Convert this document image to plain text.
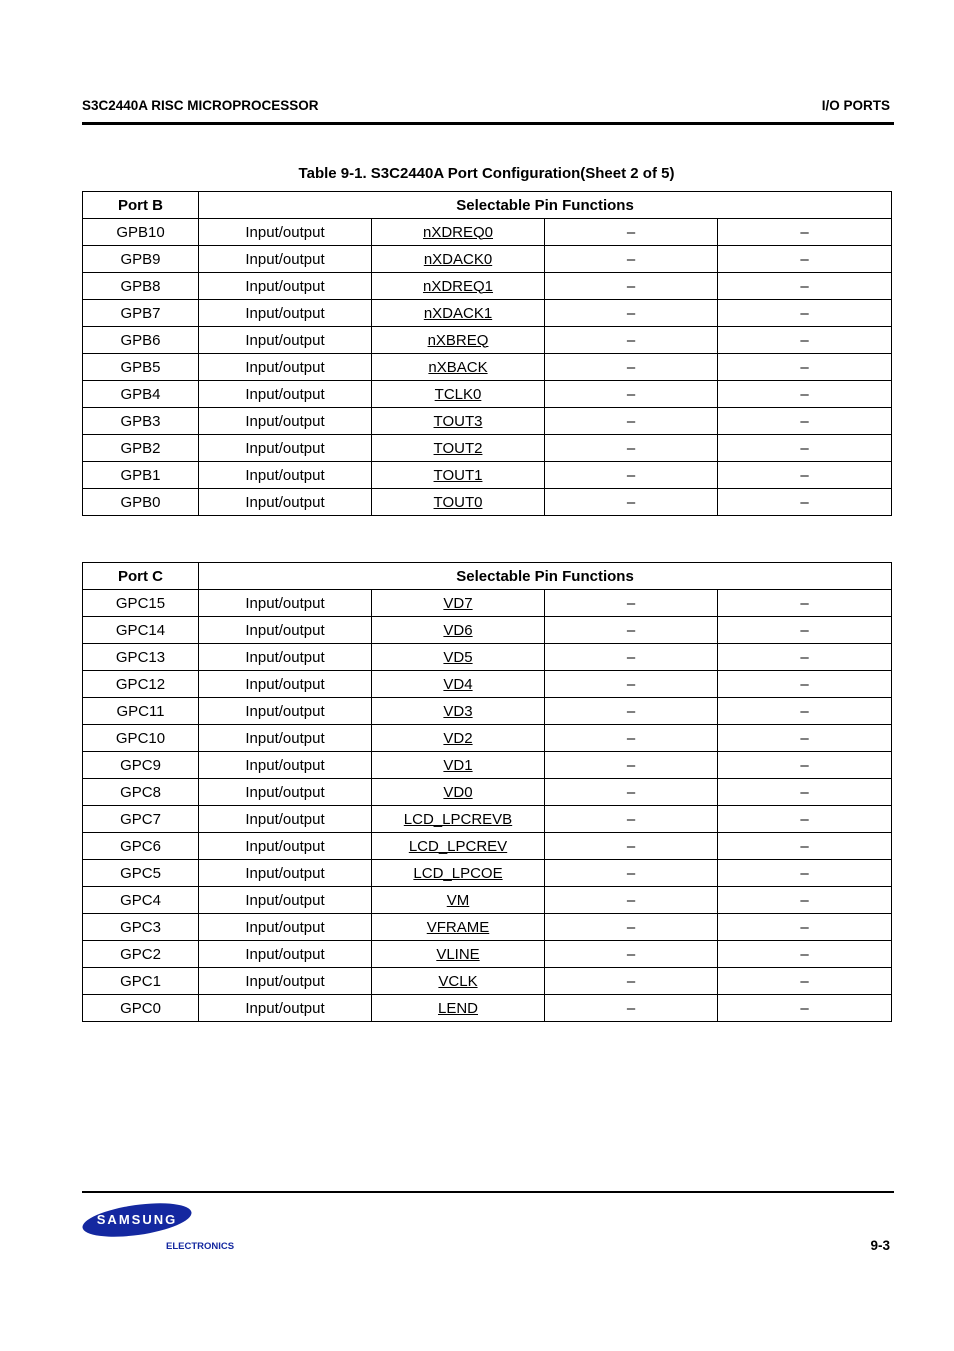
S3C2440A RISC MICROPROCESSOR	I/O PORTS
Table 9-1. S3C2440A Port Configuration(Sheet 2 of 5)
Port B	Selectable Pin Functions			
GPB10	Input/output	nXDREQ0	–	–
GPB9	Input/output	nXDACK0	–	–
GPB8	Input/output	nXDREQ1	–	–
GPB7	Input/output	nXDACK1	–	–
GPB6	Input/output	nXBREQ	–	–
GPB5	Input/output	nXBACK	–	–
GPB4	Input/output	TCLK0	–	–
GPB3	Input/output	TOUT3	–	–
GPB2	Input/output	TOUT2	–	–
GPB1	Input/output	TOUT1	–	–
GPB0	Input/output	TOUT0	–	–
Port C	Selectable Pin Functions			
GPC15	Input/output	VD7	–	–
GPC14	Input/output	VD6	–	–
GPC13	Input/output	VD5	–	–
GPC12	Input/output	VD4	–	–
GPC11	Input/output	VD3	–	–
GPC10	Input/output	VD2	–	–
GPC9	Input/output	VD1	–	–
GPC8	Input/output	VD0	–	–
GPC7	Input/output	LCD_LPCREVB	–	–
GPC6	Input/output	LCD_LPCREV	–	–
GPC5	Input/output	LCD_LPCOE	–	–
GPC4	Input/output	VM	–	–
GPC3	Input/output	VFRAME	–	–
GPC2	Input/output	VLINE	–	–
GPC1	Input/output	VCLK	–	–
GPC0	Input/output	LEND	–	–
SAMSUNG
ELECTRONICS	9-3
